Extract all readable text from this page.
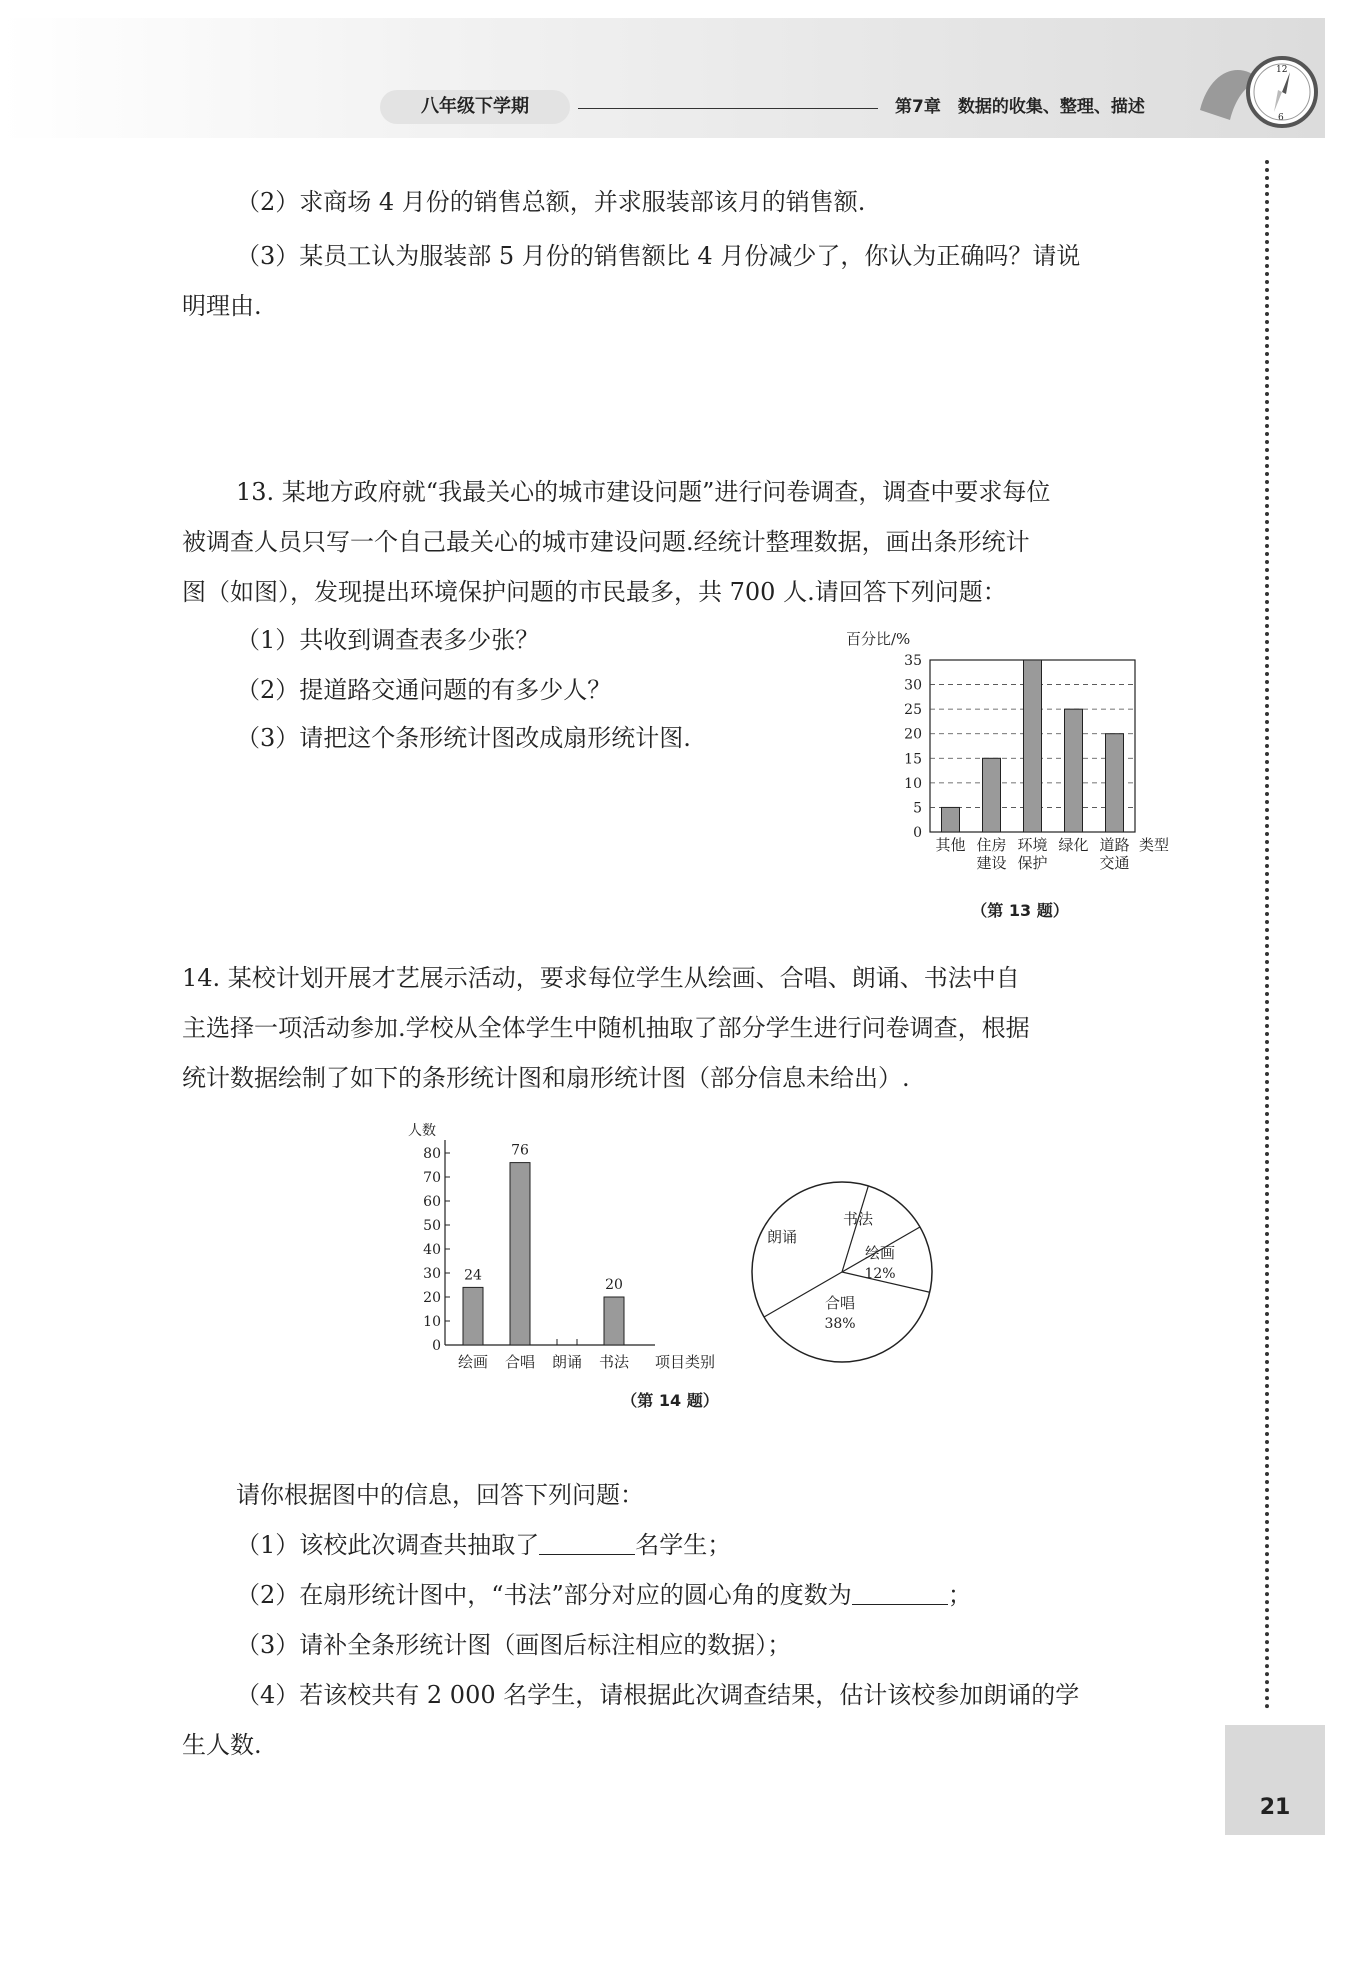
八年级下学期	第7章　数据的收集、整理、描述
12
6
（2）求商场 4 月份的销售总额，并求服装部该月的销售额.
（3）某员工认为服装部 5 月份的销售额比 4 月份减少了，你认为正确吗？请说
明理由.
13. 某地方政府就“我最关心的城市建设问题”进行问卷调查，调查中要求每位
被调查人员只写一个自己最关心的城市建设问题.经统计整理数据，画出条形统计
图（如图），发现提出环境保护问题的市民最多，共 700 人.请回答下列问题：
（1）共收到调查表多少张？
（2）提道路交通问题的有多少人？
（3）请把这个条形统计图改成扇形统计图.
百分比/%
0
5
10
15
20
25
30
35
其他 住房
建设
环境
保护
绿化 道路
交通
类型
（第 13 题）
14. 某校计划开展才艺展示活动，要求每位学生从绘画、合唱、朗诵、书法中自
主选择一项活动参加.学校从全体学生中随机抽取了部分学生进行问卷调查，根据
统计数据绘制了如下的条形统计图和扇形统计图（部分信息未给出）.
人数
0
10
20
30
40
50
60
70
80
24
绘画
76
合唱 朗诵
20
书法 项目类别
朗诵
书法
绘画
12%
合唱
38%
（第 14 题）
请你根据图中的信息，回答下列问题：
（1）该校此次调查共抽取了	名学生；
（2）在扇形统计图中，“书法”部分对应的圆心角的度数为	；
（3）请补全条形统计图（画图后标注相应的数据）；
（4）若该校共有 2 000 名学生，请根据此次调查结果，估计该校参加朗诵的学
生人数.
21
